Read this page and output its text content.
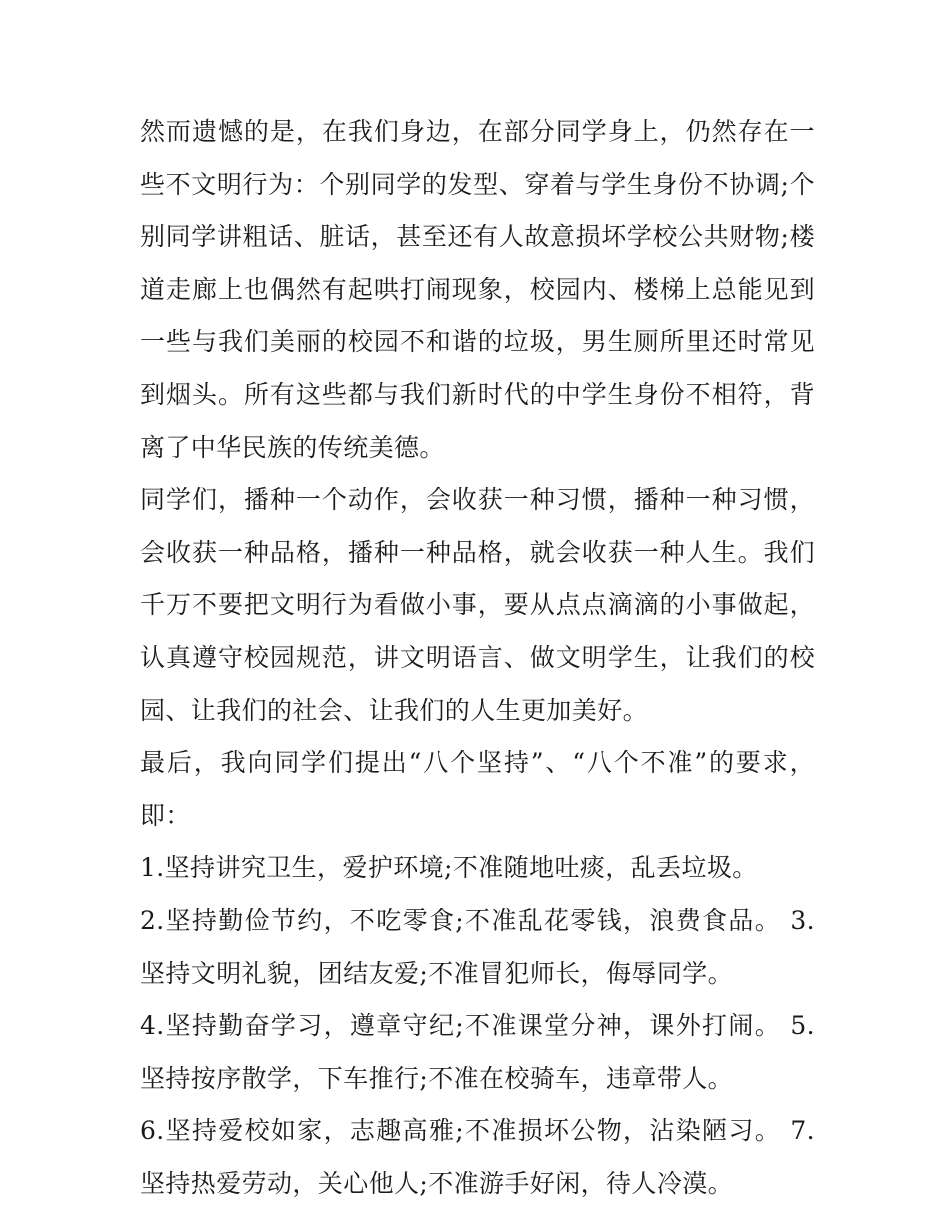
然而遗憾的是，在我们身边，在部分同学身上，仍然存在一些不文明行为：个别同学的发型、穿着与学生身份不协调;个别同学讲粗话、脏话，甚至还有人故意损坏学校公共财物;楼道走廊上也偶然有起哄打闹现象，校园内、楼梯上总能见到一些与我们美丽的校园不和谐的垃圾，男生厕所里还时常见到烟头。所有这些都与我们新时代的中学生身份不相符，背离了中华民族的传统美德。

同学们，播种一个动作，会收获一种习惯，播种一种习惯，会收获一种品格，播种一种品格，就会收获一种人生。我们千万不要把文明行为看做小事，要从点点滴滴的小事做起，认真遵守校园规范，讲文明语言、做文明学生，让我们的校园、让我们的社会、让我们的人生更加美好。

最后，我向同学们提出“八个坚持”、“八个不准”的要求，即：

1.坚持讲究卫生，爱护环境;不准随地吐痰，乱丢垃圾。

2.坚持勤俭节约，不吃零食;不准乱花零钱，浪费食品。 3.坚持文明礼貌，团结友爱;不准冒犯师长，侮辱同学。

4.坚持勤奋学习，遵章守纪;不准课堂分神，课外打闹。 5.坚持按序散学，下车推行;不准在校骑车，违章带人。

6.坚持爱校如家，志趣高雅;不准损坏公物，沾染陋习。 7.坚持热爱劳动，关心他人;不准游手好闲，待人冷漠。
